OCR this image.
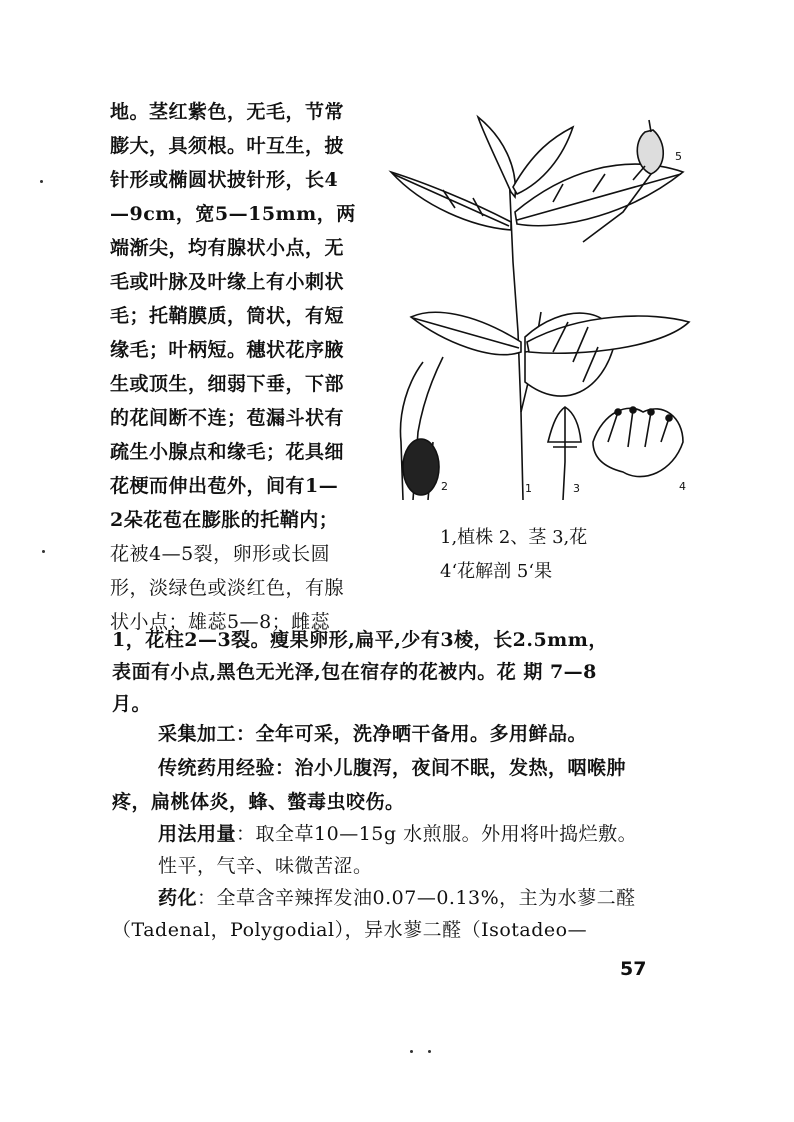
地。茎红紫色，无毛，节常
膨大，具须根。叶互生，披
针形或椭圆状披针形，长4
—9cm，宽5—15mm，两
端渐尖，均有腺状小点，无
毛或叶脉及叶缘上有小刺状
毛；托鞘膜质，筒状，有短
缘毛；叶柄短。穗状花序腋
生或顶生，细弱下垂，下部
的花间断不连；苞漏斗状有
疏生小腺点和缘毛；花具细
花梗而伸出苞外，间有1—
2朵花苞在膨胀的托鞘内；
花被4—5裂，卵形或长圆
形，淡绿色或淡红色，有腺
状小点；雄蕊5—8；雌蕊
1
2	3	4
5
1,植株 2、茎 3,花
4‘花解剖 5‘果
1，花柱2—3裂。瘦果卵形,扁平,少有3棱，长2.5mm，
表面有小点,黑色无光泽,包在宿存的花被内。花 期 7—8
月。
采集加工：全年可采，洗净晒干备用。多用鲜品。
传统药用经验：治小儿腹泻，夜间不眠，发热，咽喉肿
疼，扁桃体炎，蜂、螫毒虫咬伤。
用法用量：取全草10—15g 水煎服。外用将叶捣烂敷。
性平，气辛、味微苦涩。
药化：全草含辛辣挥发油0.07—0.13%，主为水蓼二醛
（Tadenal，Polygodial），异水蓼二醛（Isotadeo—
57
